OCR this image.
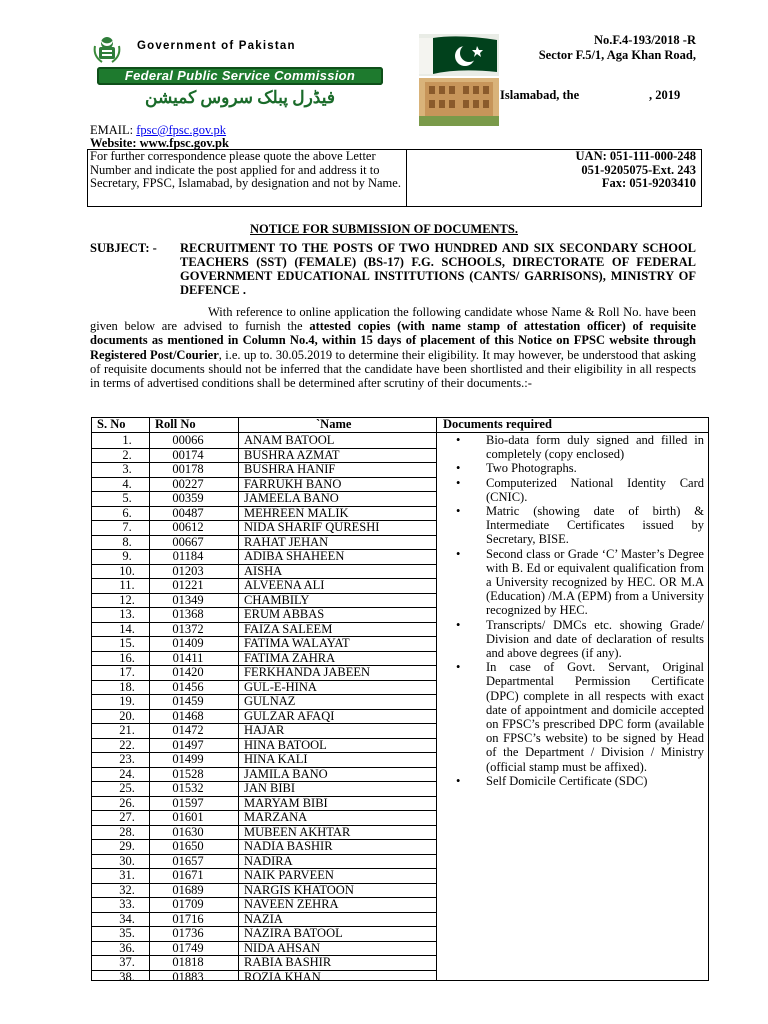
Government of Pakistan
Federal Public Service Commission
فیڈرل پبلک سروس کمیشن
No.F.4-193/2018 -R
Sector F.5/1, Aga Khan Road,
Islamabad, the	, 2019
EMAIL: fpsc@fpsc.gov.pk
Website: www.fpsc.gov.pk
For further correspondence please quote the above Letter Number and indicate the post applied for and address it to Secretary, FPSC, Islamabad, by designation and not by Name.
UAN: 051-111-000-248
051-9205075-Ext. 243
Fax: 051-9203410
NOTICE FOR SUBMISSION OF DOCUMENTS.
SUBJECT: - RECRUITMENT TO THE POSTS OF TWO HUNDRED AND SIX SECONDARY SCHOOL TEACHERS (SST) (FEMALE) (BS-17) F.G. SCHOOLS, DIRECTORATE OF FEDERAL GOVERNMENT EDUCATIONAL INSTITUTIONS (CANTS/ GARRISONS), MINISTRY OF DEFENCE .
With reference to online application the following candidate whose Name & Roll No. have been given below are advised to furnish the attested copies (with name stamp of attestation officer) of requisite documents as mentioned in Column No.4, within 15 days of placement of this Notice on FPSC website through Registered Post/Courier, i.e. up to. 30.05.2019 to determine their eligibility. It may however, be understood that asking of requisite documents should not be inferred that the candidate have been shortlisted and their eligibility in all respects in terms of advertised conditions shall be determined after scrutiny of their documents.:-
S. No Roll No	`Name	Documents required
1.	00066	ANAM BATOOL
2.	00174	BUSHRA AZMAT
3.	00178	BUSHRA HANIF
4.	00227	FARRUKH BANO
5.	00359	JAMEELA BANO
6.	00487	MEHREEN MALIK
7.	00612	NIDA SHARIF QURESHI
8.	00667	RAHAT JEHAN
9.	01184	ADIBA SHAHEEN
10.	01203	AISHA
11.	01221	ALVEENA ALI
12.	01349	CHAMBILY
13.	01368	ERUM ABBAS
14.	01372	FAIZA SALEEM
15.	01409	FATIMA WALAYAT
16.	01411	FATIMA ZAHRA
17.	01420	FERKHANDA JABEEN
18.	01456	GUL-E-HINA
19.	01459	GULNAZ
20.	01468	GULZAR AFAQI
21.	01472	HAJAR
22.	01497	HINA BATOOL
23.	01499	HINA KALI
24.	01528	JAMILA BANO
25.	01532	JAN BIBI
26.	01597	MARYAM BIBI
27.	01601	MARZANA
28.	01630	MUBEEN AKHTAR
29.	01650	NADIA BASHIR
30.	01657	NADIRA
31.	01671	NAIK PARVEEN
32.	01689	NARGIS KHATOON
33.	01709	NAVEEN ZEHRA
34.	01716	NAZIA
35.	01736	NAZIRA BATOOL
36.	01749	NIDA AHSAN
37.	01818	RABIA BASHIR
38.	01883	ROZIA KHAN
• Bio-data form duly signed and filled in completely (copy enclosed)
• Two Photographs.
• Computerized National Identity Card (CNIC).
• Matric (showing date of birth) & Intermediate Certificates issued by Secretary, BISE.
• Second class or Grade ‘C’ Master’s Degree with B. Ed or equivalent qualification from a University recognized by HEC. OR M.A (Education) /M.A (EPM) from a University recognized by HEC.
• Transcripts/ DMCs etc. showing Grade/ Division and date of declaration of results and above degrees (if any).
• In case of Govt. Servant, Original Departmental Permission Certificate (DPC) complete in all respects with exact date of appointment and domicile accepted on FPSC’s prescribed DPC form (available on FPSC’s website) to be signed by Head of the Department / Division / Ministry (official stamp must be affixed).
• Self Domicile Certificate (SDC)
